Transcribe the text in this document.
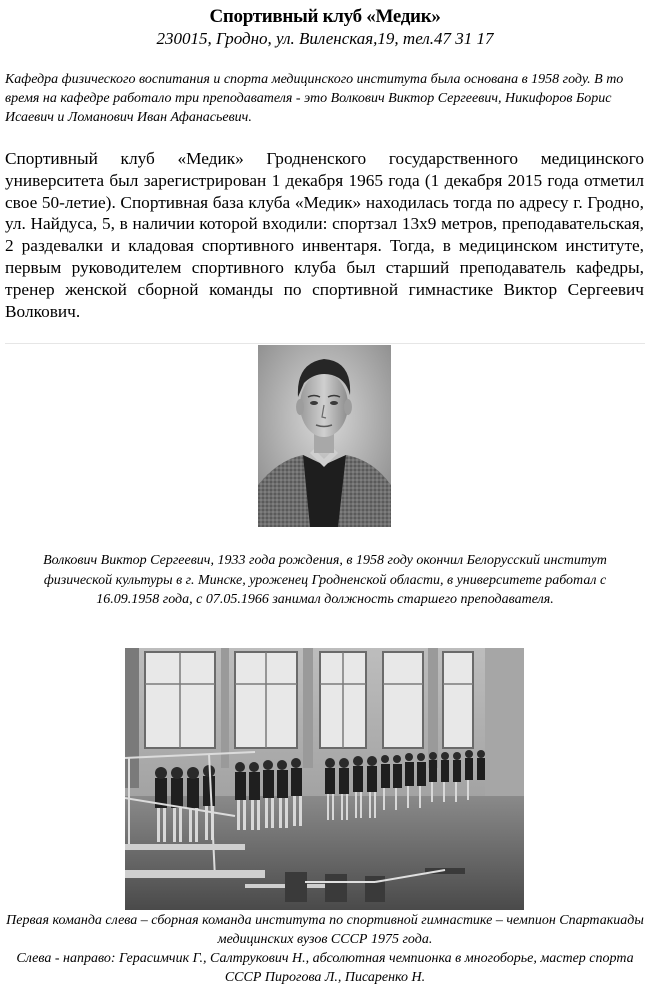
Спортивный клуб «Медик»
230015, Гродно, ул. Виленская,19, тел.47 31 17
Кафедра физического воспитания и спорта медицинского института была основана в 1958 году. В то время на кафедре работало три преподавателя - это Волкович Виктор Сергеевич, Никифоров Борис Исаевич и Ломанович Иван Афанасьевич.
Спортивный клуб «Медик» Гродненского государственного медицинского университета был зарегистрирован 1 декабря 1965 года (1 декабря 2015 года отметил свое 50-летие). Спортивная база клуба «Медик» находилась тогда по адресу г. Гродно, ул. Найдуса, 5, в наличии которой входили: спортзал 13х9 метров, преподавательская, 2 раздевалки и кладовая спортивного инвентаря. Тогда, в медицинском институте, первым руководителем спортивного клуба был старший преподаватель кафедры, тренер женской сборной команды по спортивной гимнастике Виктор Сергеевич Волкович.
Волкович Виктор Сергеевич, 1933 года рождения, в 1958 году окончил Белорусский институт физической культуры в г. Минске, уроженец Гродненской области, в университете работал с 16.09.1958 года, с 07.05.1966 занимал должность старшего преподавателя.
Первая команда слева – сборная команда института по спортивной гимнастике – чемпион Спартакиады медицинских вузов СССР 1975 года.
Слева - направо: Герасимчик Г., Салтрукович Н., абсолютная чемпионка в многоборье, мастер спорта СССР Пирогова Л., Писаренко Н.
